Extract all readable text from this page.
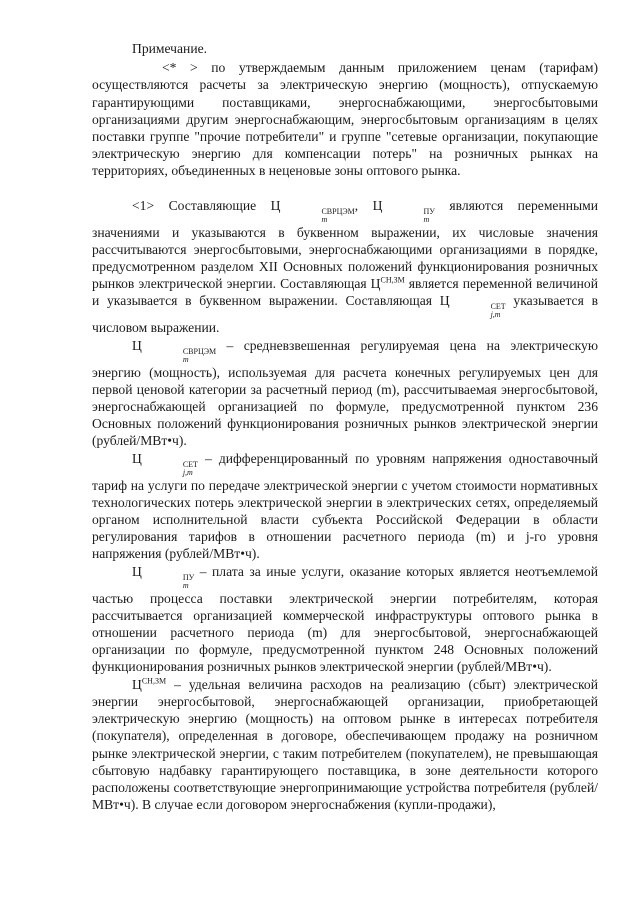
Примечание.

<* > по утверждаемым данным приложением ценам (тарифам) осуществляются расчеты за электрическую энергию (мощность), отпускаемую гарантирующими поставщиками, энергоснабжающими, энергосбытовыми организациями другим энергоснабжающим, энергосбытовым организациям в целях поставки группе "прочие потребители" и группе "сетевые организации, покупающие электрическую энергию для компенсации потерь" на розничных рынках на территориях, объединенных в неценовые зоны оптового рынка.

<1> Составляющие Ц	СВРЦЭМ
m
, Ц	ПУ
m
являются переменными значениями и указываются в буквенном выражении, их числовые значения рассчитываются энергосбытовыми, энергоснабжающими организациями в порядке, предусмотренном разделом XII Основных положений функционирования розничных рынков электрической энергии. Составляющая $Ц^{СН,ЗМ}$ является переменной величиной и указывается в буквенном выражении. Составляющая Ц	СЕТ
j,m
указывается в числовом выражении.

Ц	СВРЦЭМ
m
– средневзвешенная регулируемая цена на электрическую энергию (мощность), используемая для расчета конечных регулируемых цен для первой ценовой категории за расчетный период (m), рассчитываемая энергосбытовой, энергоснабжающей организацией по формуле, предусмотренной пунктом 236 Основных положений функционирования розничных рынков электрической энергии (рублей/МВт•ч).

Ц	СЕТ
j,m
– дифференцированный по уровням напряжения одноставочный тариф на услуги по передаче электрической энергии с учетом стоимости нормативных технологических потерь электрической энергии в электрических сетях, определяемый органом исполнительной власти субъекта Российской Федерации в области регулирования тарифов в отношении расчетного периода (m) и j-го уровня напряжения (рублей/МВт•ч).

Ц	ПУ
m
– плата за иные услуги, оказание которых является неотъемлемой частью процесса поставки электрической энергии потребителям, которая рассчитывается организацией коммерческой инфраструктуры оптового рынка в отношении расчетного периода (m) для энергосбытовой, энергоснабжающей организации по формуле, предусмотренной пунктом 248 Основных положений функционирования розничных рынков электрической энергии (рублей/МВт•ч).

$Ц^{СН,ЗМ}$ – удельная величина расходов на реализацию (сбыт) электрической энергии энергосбытовой, энергоснабжающей организации, приобретающей электрическую энергию (мощность) на оптовом рынке в интересах потребителя (покупателя), определенная в договоре, обеспечивающем продажу на розничном рынке электрической энергии, с таким потребителем (покупателем), не превышающая сбытовую надбавку гарантирующего поставщика, в зоне деятельности которого расположены соответствующие энергопринимающие устройства потребителя (рублей/МВт•ч). В случае если договором энергоснабжения (купли-продажи),
